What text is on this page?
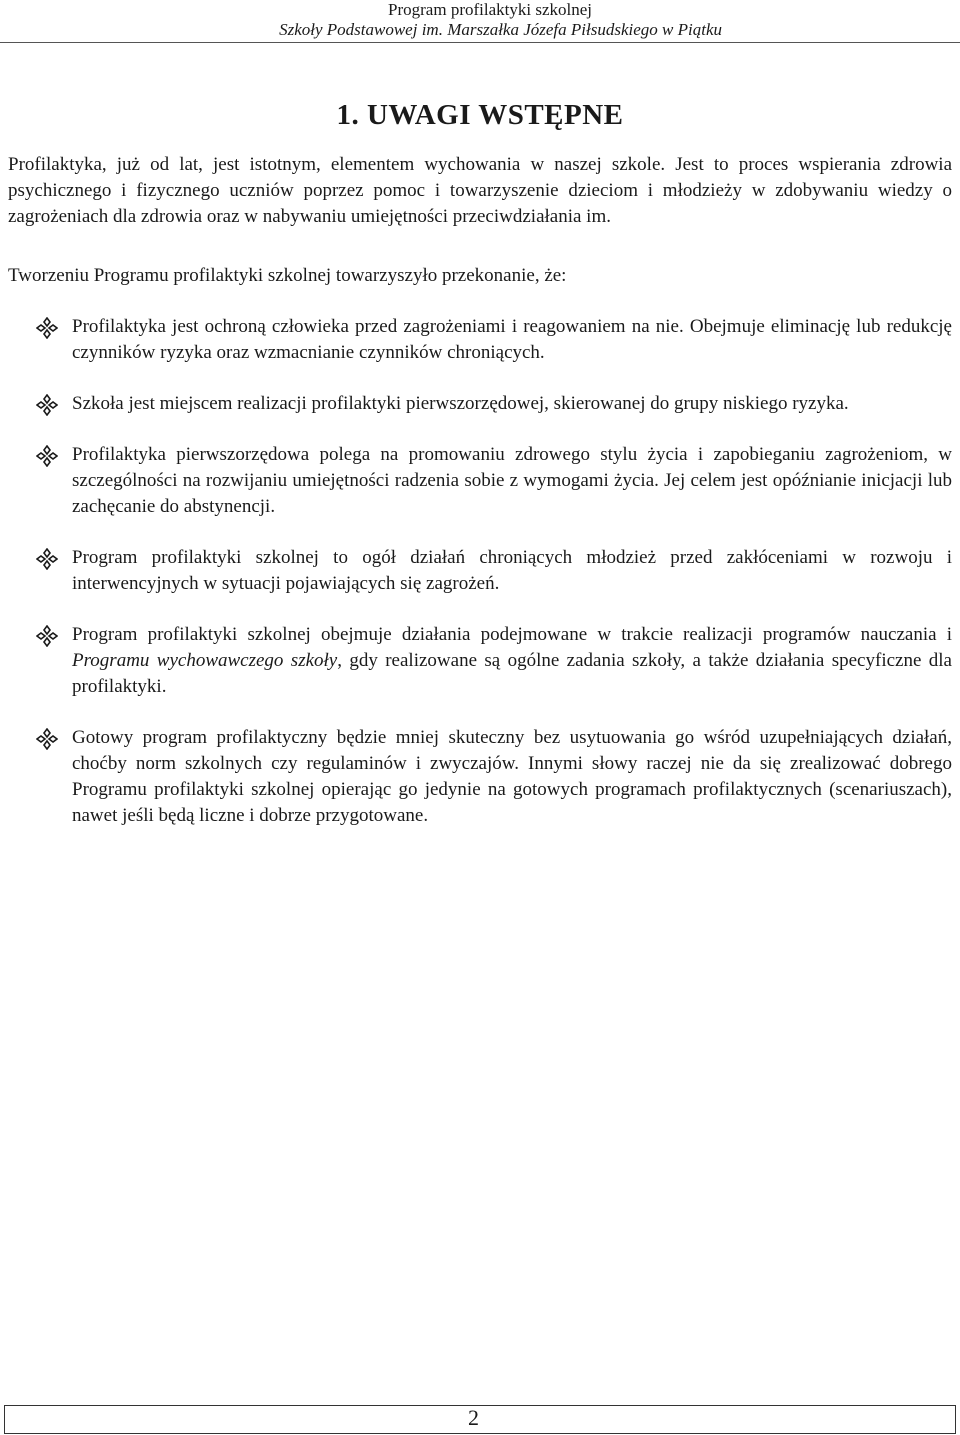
Program profilaktyki szkolnej
Szkoły Podstawowej im. Marszałka Józefa Piłsudskiego w Piątku
1. UWAGI WSTĘPNE

Profilaktyka, już od lat, jest istotnym, elementem wychowania w naszej szkole. Jest to proces wspierania zdrowia psychicznego i fizycznego uczniów poprzez pomoc i towarzyszenie dzieciom i młodzieży w zdobywaniu wiedzy o zagrożeniach dla zdrowia oraz w nabywaniu umiejętności przeciwdziałania im.

Tworzeniu Programu profilaktyki szkolnej towarzyszyło przekonanie, że:

Profilaktyka jest ochroną człowieka przed zagrożeniami i reagowaniem na nie. Obejmuje eliminację lub redukcję czynników ryzyka oraz wzmacnianie czynników chroniących.
Szkoła jest miejscem realizacji profilaktyki pierwszorzędowej, skierowanej do grupy niskiego ryzyka.
Profilaktyka pierwszorzędowa polega na promowaniu zdrowego stylu życia i zapobieganiu zagrożeniom, w szczególności na rozwijaniu umiejętności radzenia sobie z wymogami życia. Jej celem jest opóźnianie inicjacji lub zachęcanie do abstynencji.
Program profilaktyki szkolnej to ogół działań chroniących młodzież przed zakłóceniami w rozwoju i interwencyjnych w sytuacji pojawiających się zagrożeń.
Program profilaktyki szkolnej obejmuje działania podejmowane w trakcie realizacji programów nauczania i Programu wychowawczego szkoły, gdy realizowane są ogólne zadania szkoły, a także działania specyficzne dla profilaktyki.
Gotowy program profilaktyczny będzie mniej skuteczny bez usytuowania go wśród uzupełniających działań, choćby norm szkolnych czy regulaminów i zwyczajów. Innymi słowy raczej nie da się zrealizować dobrego Programu profilaktyki szkolnej opierając go jedynie na gotowych programach profilaktycznych (scenariuszach), nawet jeśli będą liczne i dobrze przygotowane.
2
